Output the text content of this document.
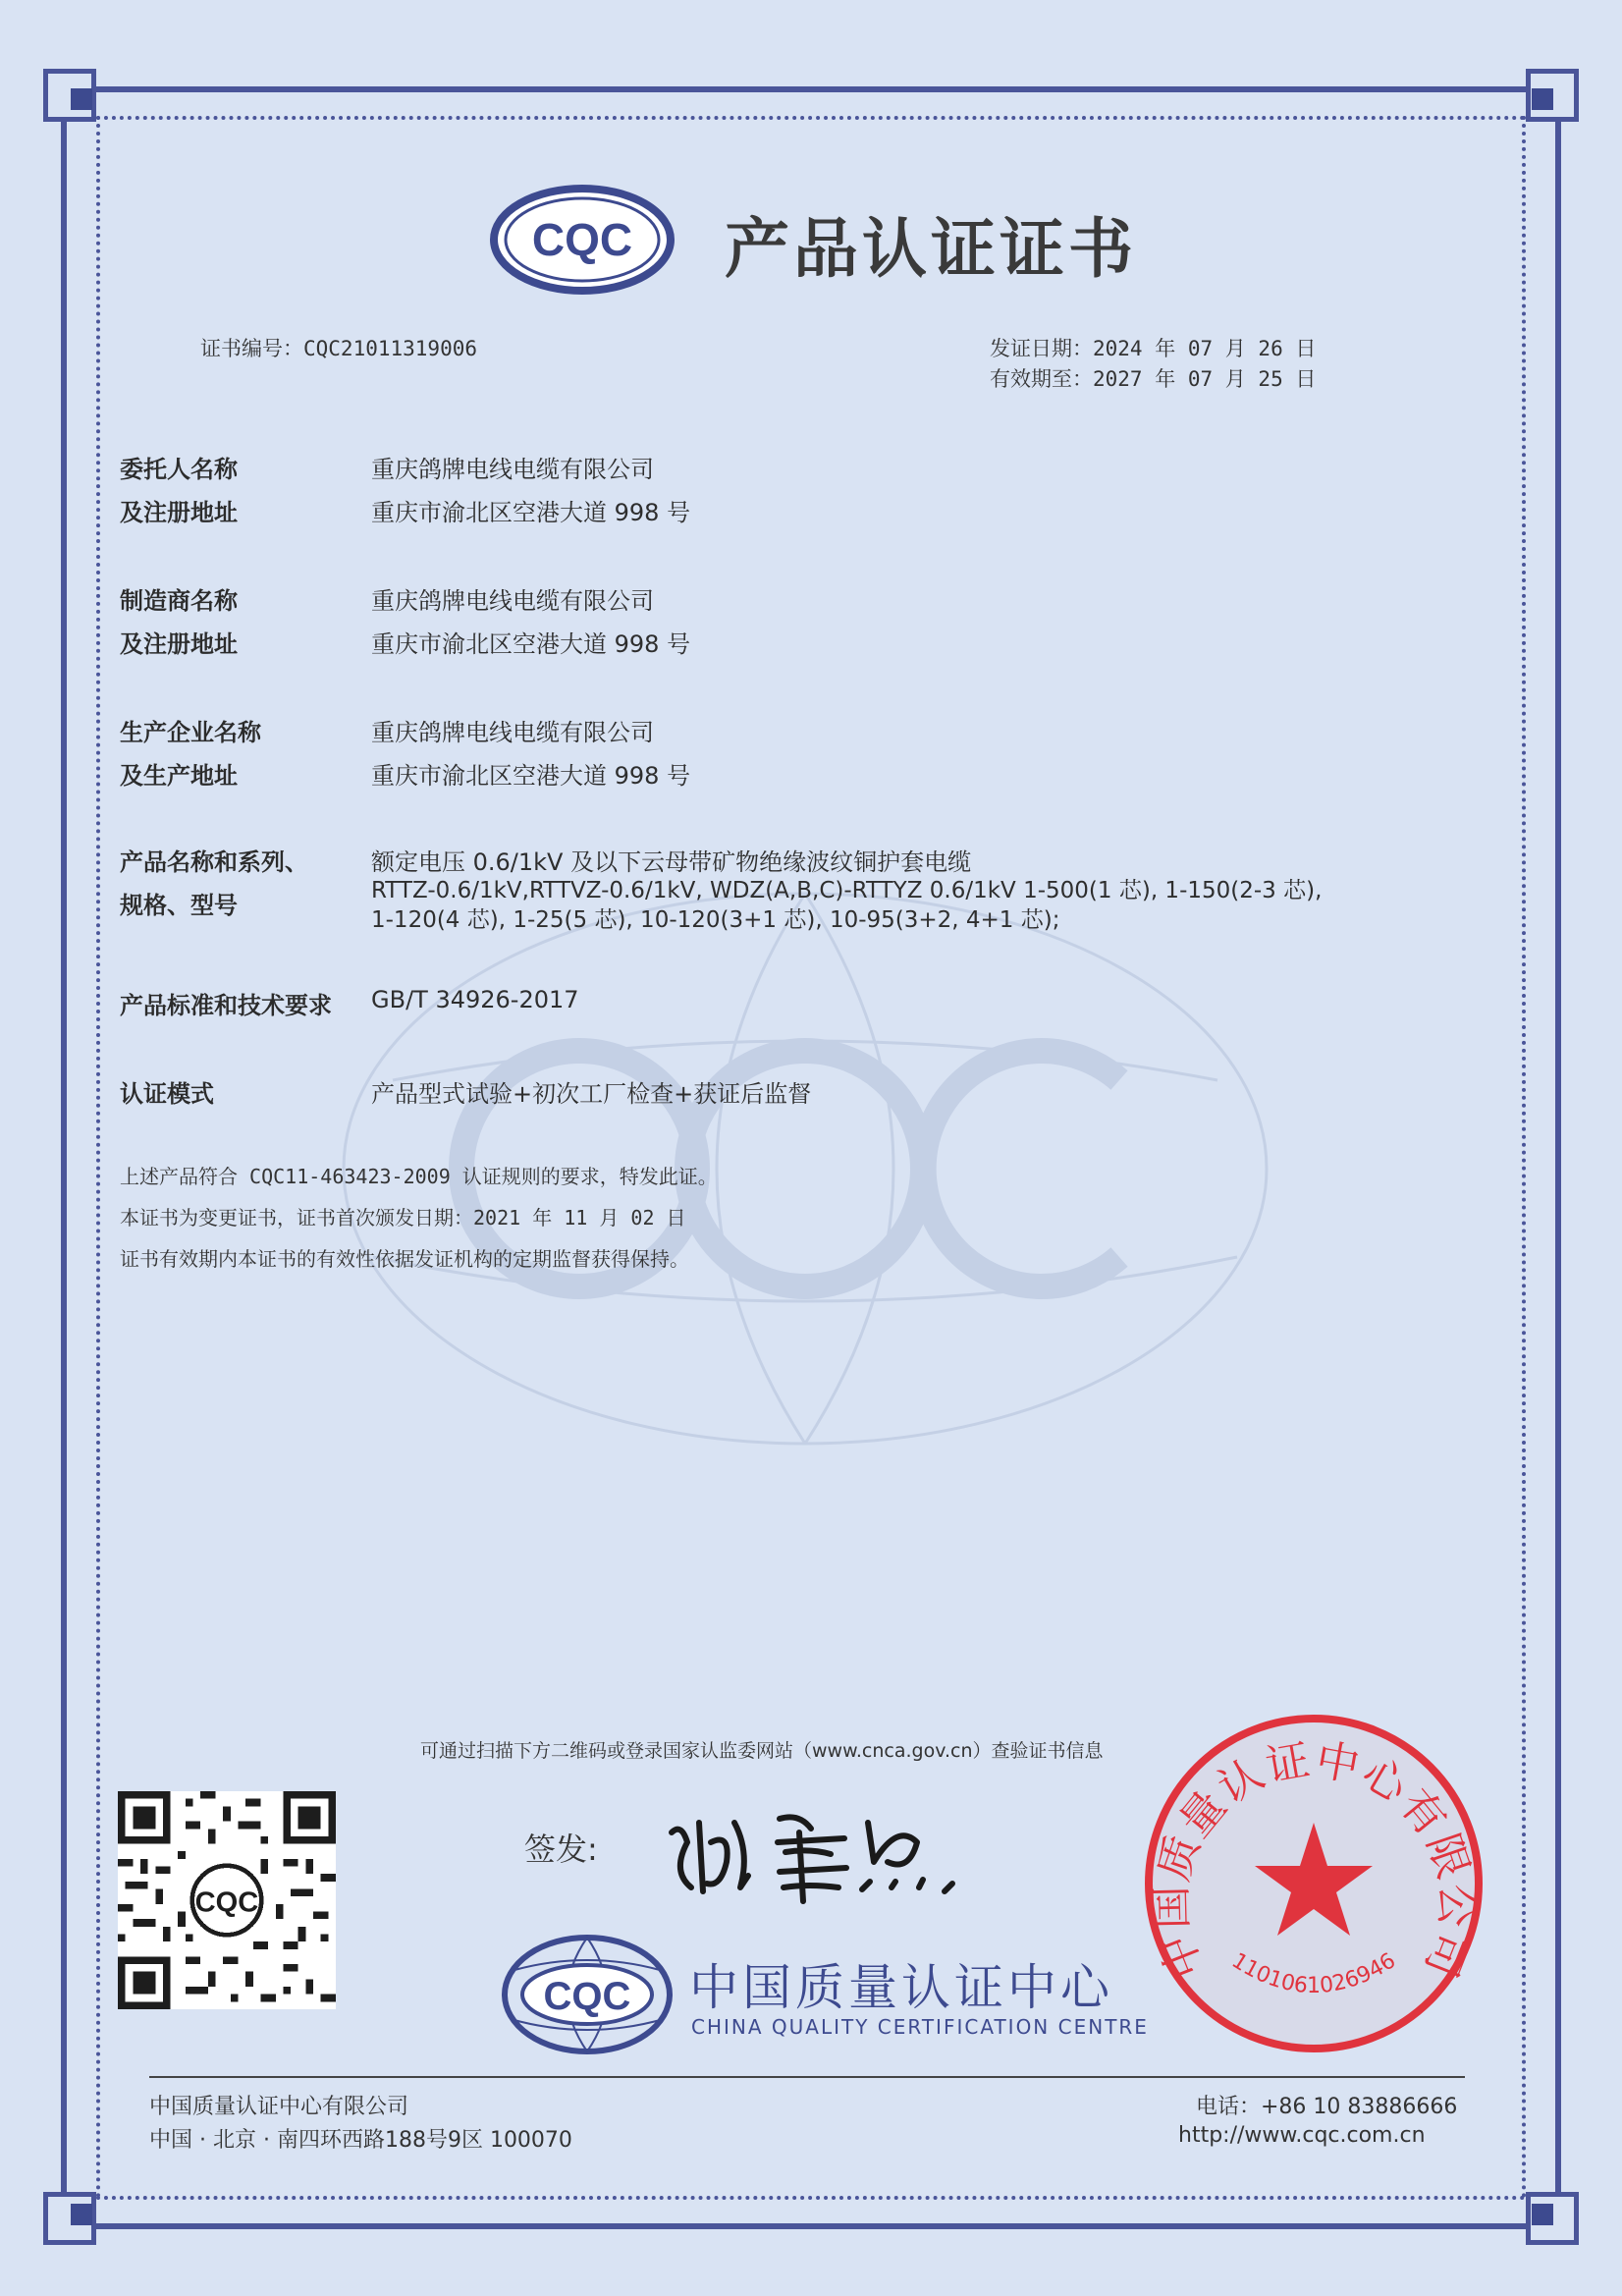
CQC 产品认证证书
证书编号：CQC21011319006	发证日期：2024 年 07 月 26 日
有效期至：2027 年 07 月 25 日
委托人名称
及注册地址
重庆鸽牌电线电缆有限公司
重庆市渝北区空港大道 998 号
制造商名称
及注册地址
重庆鸽牌电线电缆有限公司
重庆市渝北区空港大道 998 号
生产企业名称
及生产地址
重庆鸽牌电线电缆有限公司
重庆市渝北区空港大道 998 号
产品名称和系列、
规格、型号
额定电压 0.6/1kV 及以下云母带矿物绝缘波纹铜护套电缆
RTTZ-0.6/1kV,RTTVZ-0.6/1kV, WDZ(A,B,C)-RTTYZ 0.6/1kV 1-500(1 芯), 1-150(2-3 芯),
1-120(4 芯), 1-25(5 芯), 10-120(3+1 芯), 10-95(3+2, 4+1 芯);
产品标准和技术要求 GB/T 34926-2017
认证模式	产品型式试验+初次工厂检查+获证后监督
上述产品符合 CQC11-463423-2009 认证规则的要求，特发此证。
本证书为变更证书，证书首次颁发日期：2021 年 11 月 02 日
证书有效期内本证书的有效性依据发证机构的定期监督获得保持。
可通过扫描下方二维码或登录国家认监委网站（www.cnca.gov.cn）查验证书信息
CQC
签发:
CQC 中国质量认证中心
CHINA QUALITY CERTIFICATION CENTRE
中国质量认证中心有限公司
1101061026946
中国质量认证中心有限公司
中国 · 北京 · 南四环西路188号9区 100070
电话：+86 10 83886666
http://www.cqc.com.cn
